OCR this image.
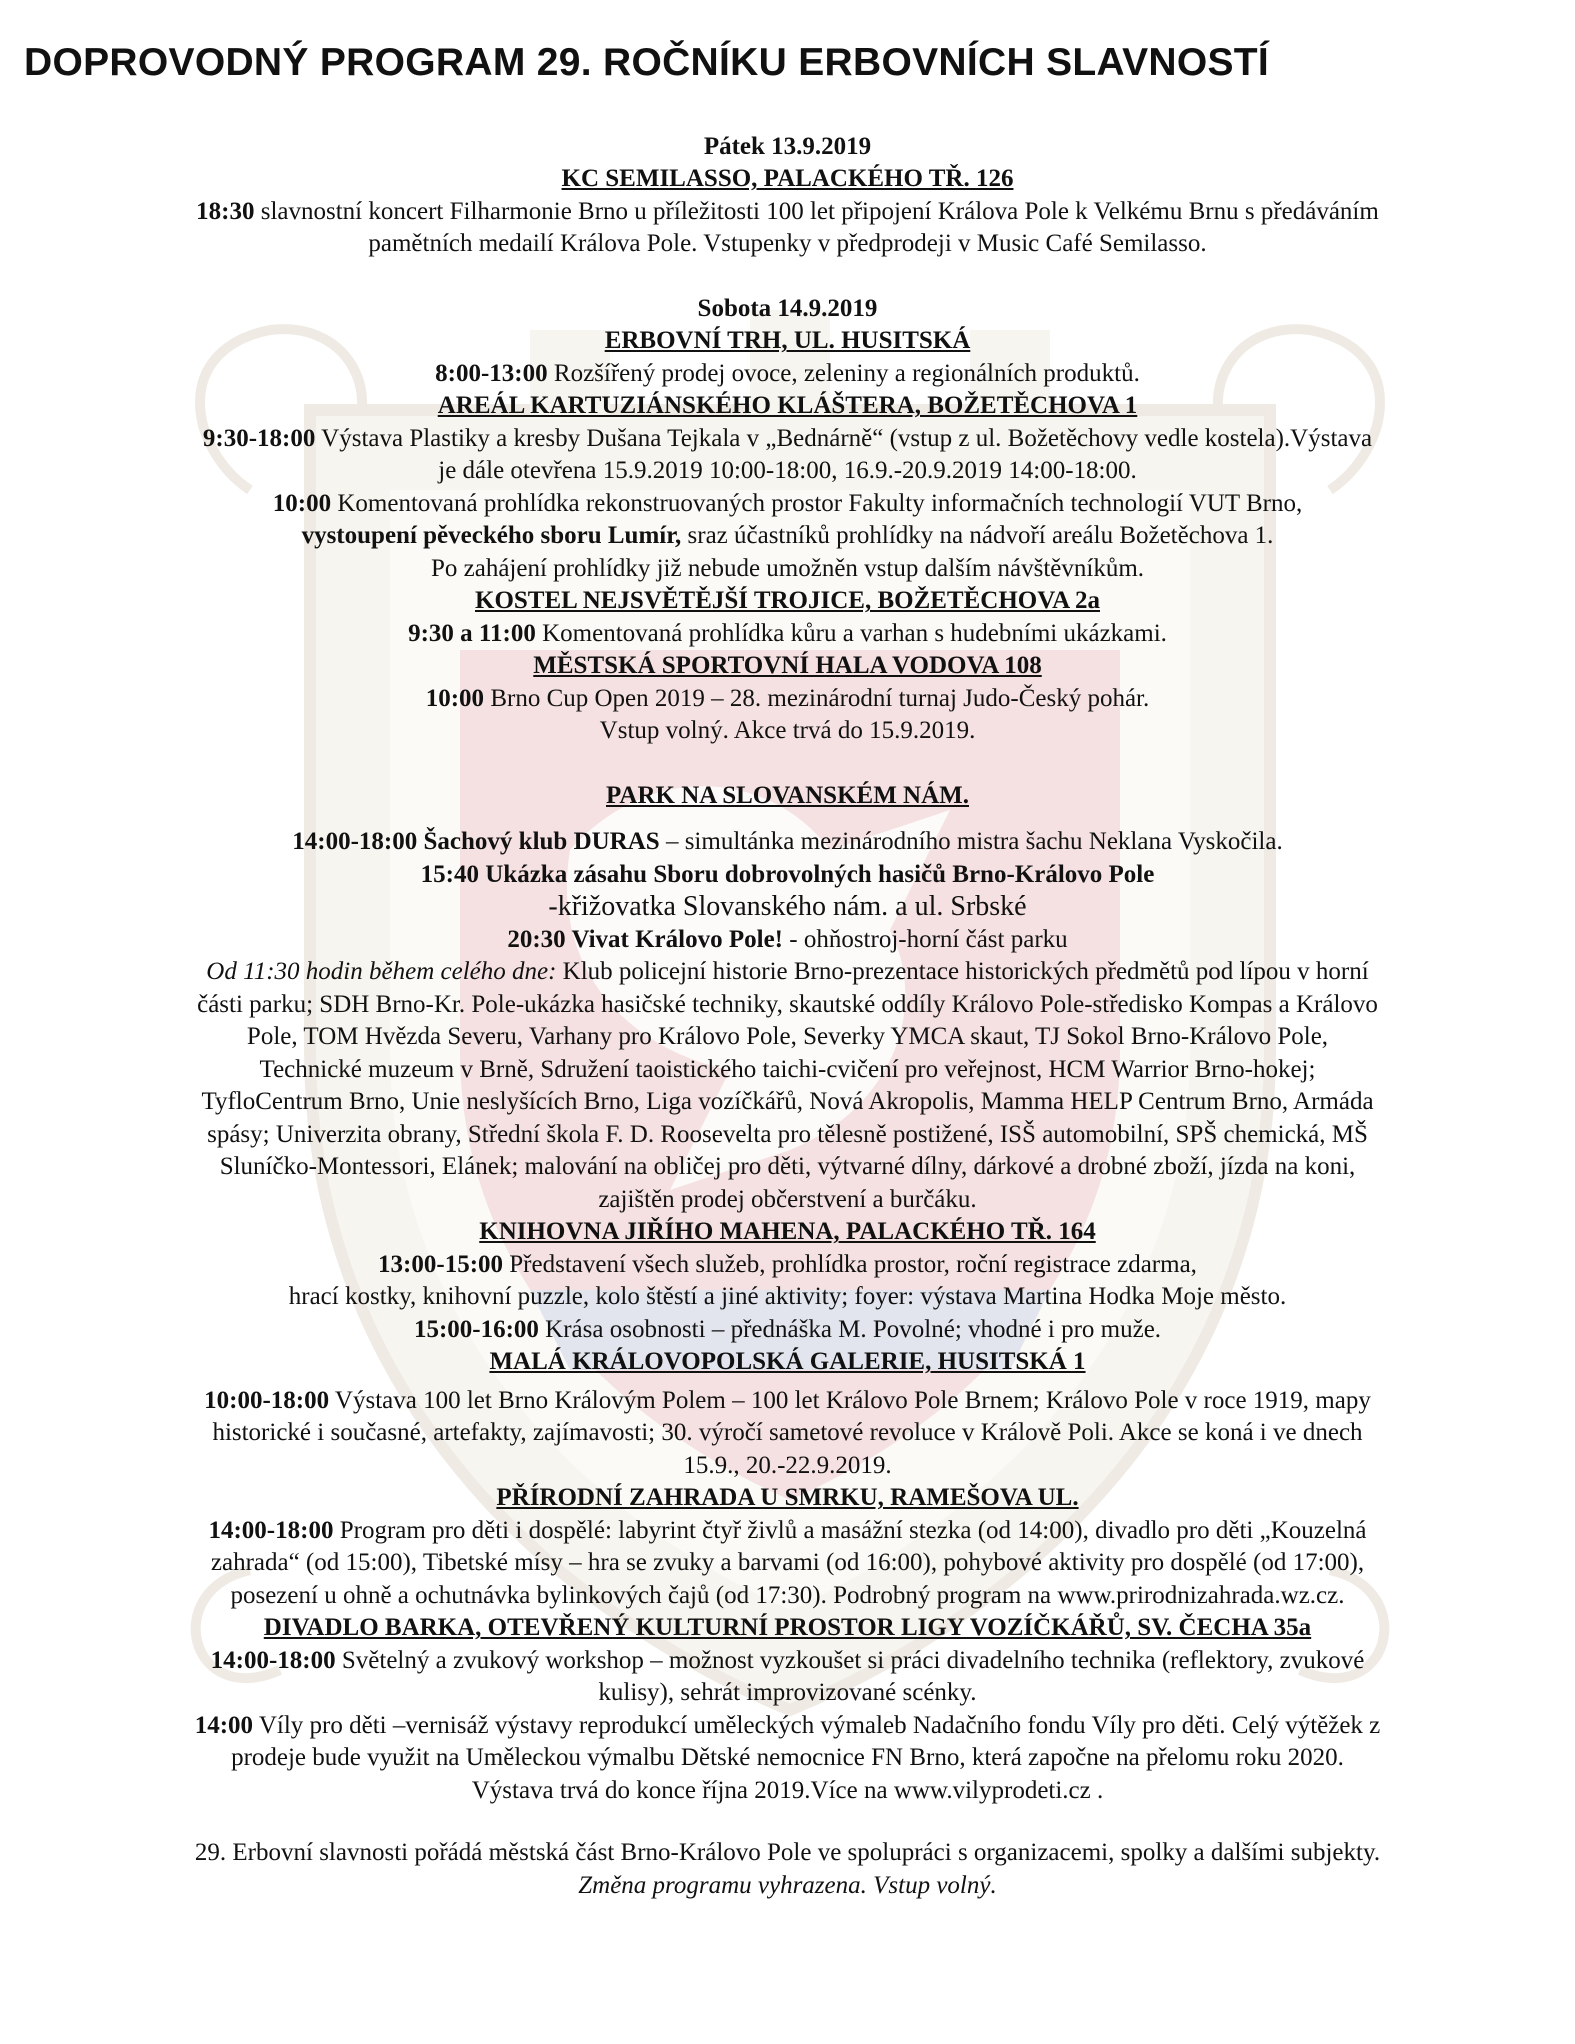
DOPROVODNÝ PROGRAM 29. ROČNÍKU ERBOVNÍCH SLAVNOSTÍ

Pátek 13.9.2019

KC SEMILASSO, PALACKÉHO TŘ. 126

18:30 slavnostní koncert Filharmonie Brno u příležitosti 100 let připojení Králova Pole k Velkému Brnu s předáváním

pamětních medailí Králova Pole. Vstupenky v předprodeji v Music Café Semilasso.

Sobota 14.9.2019

ERBOVNÍ TRH, UL. HUSITSKÁ

8:00-13:00 Rozšířený prodej ovoce, zeleniny a regionálních produktů.

AREÁL KARTUZIÁNSKÉHO KLÁŠTERA, BOŽETĚCHOVA 1

9:30-18:00 Výstava Plastiky a kresby Dušana Tejkala v „Bednárně“ (vstup z ul. Božetěchovy vedle kostela).Výstava

je dále otevřena 15.9.2019 10:00-18:00, 16.9.-20.9.2019 14:00-18:00.

10:00 Komentovaná prohlídka rekonstruovaných prostor Fakulty informačních technologií VUT Brno,

vystoupení pěveckého sboru Lumír, sraz účastníků prohlídky na nádvoří areálu Božetěchova 1.

Po zahájení prohlídky již nebude umožněn vstup dalším návštěvníkům.

KOSTEL NEJSVĚTĚJŠÍ TROJICE, BOŽETĚCHOVA 2a

9:30 a 11:00 Komentovaná prohlídka kůru a varhan s hudebními ukázkami.

MĚSTSKÁ SPORTOVNÍ HALA VODOVA 108

10:00 Brno Cup Open 2019 – 28. mezinárodní turnaj Judo-Český pohár.

Vstup volný. Akce trvá do 15.9.2019.

PARK NA SLOVANSKÉM NÁM.

14:00-18:00 Šachový klub DURAS – simultánka mezinárodního mistra šachu Neklana Vyskočila.

15:40 Ukázka zásahu Sboru dobrovolných hasičů Brno-Královo Pole

-křižovatka Slovanského nám. a ul. Srbské

20:30 Vivat Královo Pole! - ohňostroj-horní část parku

Od 11:30 hodin během celého dne: Klub policejní historie Brno-prezentace historických předmětů pod lípou v horní

části parku; SDH Brno-Kr. Pole-ukázka hasičské techniky, skautské oddíly Královo Pole-středisko Kompas a Královo

Pole, TOM Hvězda Severu, Varhany pro Královo Pole, Severky YMCA skaut, TJ Sokol Brno-Královo Pole,

Technické muzeum v Brně, Sdružení taoistického taichi-cvičení pro veřejnost, HCM Warrior Brno-hokej;

TyfloCentrum Brno, Unie neslyšících Brno, Liga vozíčkářů, Nová Akropolis, Mamma HELP Centrum Brno, Armáda

spásy; Univerzita obrany, Střední škola F. D. Roosevelta pro tělesně postižené, ISŠ automobilní, SPŠ chemická, MŠ

Sluníčko-Montessori, Elánek; malování na obličej pro děti, výtvarné dílny, dárkové a drobné zboží, jízda na koni,

zajištěn prodej občerstvení a burčáku.

KNIHOVNA JIŘÍHO MAHENA, PALACKÉHO TŘ. 164

13:00-15:00 Představení všech služeb, prohlídka prostor, roční registrace zdarma,

hrací kostky, knihovní puzzle, kolo štěstí a jiné aktivity; foyer: výstava Martina Hodka Moje město.

15:00-16:00 Krása osobnosti – přednáška M. Povolné; vhodné i pro muže.

MALÁ KRÁLOVOPOLSKÁ GALERIE, HUSITSKÁ 1

10:00-18:00 Výstava 100 let Brno Královým Polem – 100 let Královo Pole Brnem; Královo Pole v roce 1919, mapy

historické i současné, artefakty, zajímavosti; 30. výročí sametové revoluce v Králově Poli. Akce se koná i ve dnech

15.9., 20.-22.9.2019.

PŘÍRODNÍ ZAHRADA U SMRKU, RAMEŠOVA UL.

14:00-18:00 Program pro děti i dospělé: labyrint čtyř živlů a masážní stezka (od 14:00), divadlo pro děti „Kouzelná

zahrada“ (od 15:00), Tibetské mísy – hra se zvuky a barvami (od 16:00), pohybové aktivity pro dospělé (od 17:00),

posezení u ohně a ochutnávka bylinkových čajů (od 17:30). Podrobný program na www.prirodnizahrada.wz.cz.

DIVADLO BARKA, OTEVŘENÝ KULTURNÍ PROSTOR LIGY VOZÍČKÁŘŮ, SV. ČECHA 35a

14:00-18:00 Světelný a zvukový workshop – možnost vyzkoušet si práci divadelního technika (reflektory, zvukové

kulisy), sehrát improvizované scénky.

14:00 Víly pro děti –vernisáž výstavy reprodukcí uměleckých výmaleb Nadačního fondu Víly pro děti. Celý výtěžek z

prodeje bude využit na Uměleckou výmalbu Dětské nemocnice FN Brno, která započne na přelomu roku 2020.

Výstava trvá do konce října 2019.Více na www.vilyprodeti.cz .

29. Erbovní slavnosti pořádá městská část Brno-Královo Pole ve spolupráci s organizacemi, spolky a dalšími subjekty.

Změna programu vyhrazena. Vstup volný.
